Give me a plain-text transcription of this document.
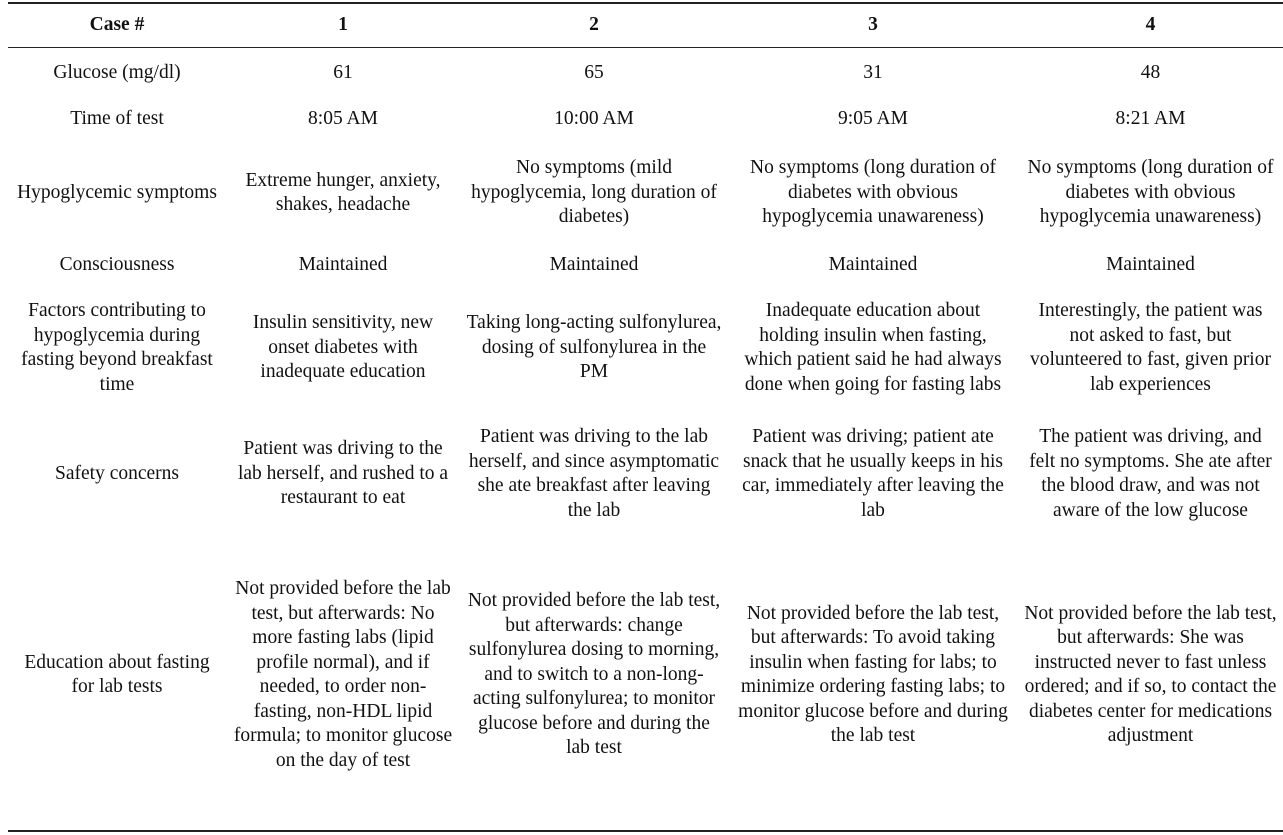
Case #	1	2	3	4
Glucose (mg/dl)	61	65	31	48
Time of test	8:05 AM	10:00 AM	9:05 AM	8:21 AM
Hypoglycemic symptoms	Extreme hunger, anxiety, shakes, headache	No symptoms (mild hypoglycemia, long duration of diabetes)	No symptoms (long duration of diabetes with obvious hypoglycemia unawareness)	No symptoms (long duration of diabetes with obvious hypoglycemia unawareness)
Consciousness	Maintained	Maintained	Maintained	Maintained
Factors contributing to hypoglycemia during fasting beyond breakfast time	Insulin sensitivity, new onset diabetes with inadequate education	Taking long-acting sulfonylurea, dosing of sulfonylurea in the PM	Inadequate education about holding insulin when fasting, which patient said he had always done when going for fasting labs	Interestingly, the patient was not asked to fast, but volunteered to fast, given prior lab experiences
Safety concerns	Patient was driving to the lab herself, and rushed to a restaurant to eat	Patient was driving to the lab herself, and since asymptomatic she ate breakfast after leaving the lab	Patient was driving; patient ate snack that he usually keeps in his car, immediately after leaving the lab	The patient was driving, and felt no symptoms. She ate after the blood draw, and was not aware of the low glucose
Education about fasting for lab tests	Not provided before the lab test, but afterwards: No more fasting labs (lipid profile normal), and if needed, to order non-fasting, non-HDL lipid formula; to monitor glucose on the day of test	Not provided before the lab test, but afterwards: change sulfonylurea dosing to morning, and to switch to a non-long-acting sulfonylurea; to monitor glucose before and during the lab test	Not provided before the lab test, but afterwards: To avoid taking insulin when fasting for labs; to minimize ordering fasting labs; to monitor glucose before and during the lab test	Not provided before the lab test, but afterwards: She was instructed never to fast unless ordered; and if so, to contact the diabetes center for medications adjustment
